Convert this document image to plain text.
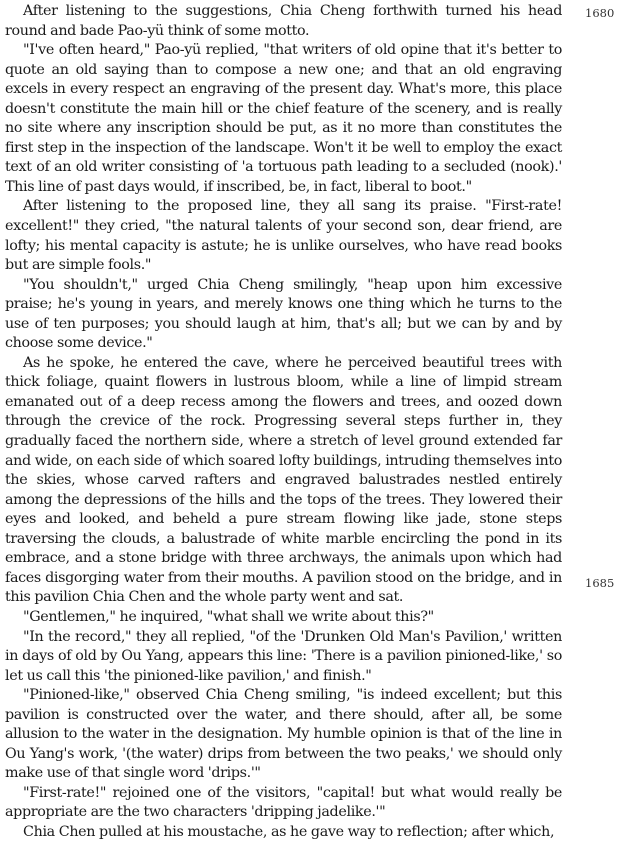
After listening to the suggestions, Chia Cheng forthwith turned his head round and bade Pao-yü think of some motto.

"I've often heard," Pao-yü replied, "that writers of old opine that it's better to quote an old saying than to compose a new one; and that an old engraving excels in every respect an engraving of the present day. What's more, this place doesn't constitute the main hill or the chief feature of the scenery, and is really no site where any inscription should be put, as it no more than constitutes the first step in the inspection of the landscape. Won't it be well to employ the exact text of an old writer consisting of 'a tortuous path leading to a secluded (nook).' This line of past days would, if inscribed, be, in fact, liberal to boot."

After listening to the proposed line, they all sang its praise. "First-rate! excellent!" they cried, "the natural talents of your second son, dear friend, are lofty; his mental capacity is astute; he is unlike ourselves, who have read books but are simple fools."

"You shouldn't," urged Chia Cheng smilingly, "heap upon him excessive praise; he's young in years, and merely knows one thing which he turns to the use of ten purposes; you should laugh at him, that's all; but we can by and by choose some device."

As he spoke, he entered the cave, where he perceived beautiful trees with thick foliage, quaint flowers in lustrous bloom, while a line of limpid stream emanated out of a deep recess among the flowers and trees, and oozed down through the crevice of the rock. Progressing several steps further in, they gradually faced the northern side, where a stretch of level ground extended far and wide, on each side of which soared lofty buildings, intruding themselves into the skies, whose carved rafters and engraved balustrades nestled entirely among the depressions of the hills and the tops of the trees. They lowered their eyes and looked, and beheld a pure stream flowing like jade, stone steps traversing the clouds, a balustrade of white marble encircling the pond in its embrace, and a stone bridge with three archways, the animals upon which had faces disgorging water from their mouths. A pavilion stood on the bridge, and in this pavilion Chia Chen and the whole party went and sat.

"Gentlemen," he inquired, "what shall we write about this?"

"In the record," they all replied, "of the 'Drunken Old Man's Pavilion,' written in days of old by Ou Yang, appears this line: 'There is a pavilion pinioned-like,' so let us call this 'the pinioned-like pavilion,' and finish."

"Pinioned-like," observed Chia Cheng smiling, "is indeed excellent; but this pavilion is constructed over the water, and there should, after all, be some allusion to the water in the designation. My humble opinion is that of the line in Ou Yang's work, '(the water) drips from between the two peaks,' we should only make use of that single word 'drips.'"

"First-rate!" rejoined one of the visitors, "capital! but what would really be appropriate are the two characters 'dripping jadelike.'"

Chia Chen pulled at his moustache, as he gave way to reflection; after which,

1680
1685
